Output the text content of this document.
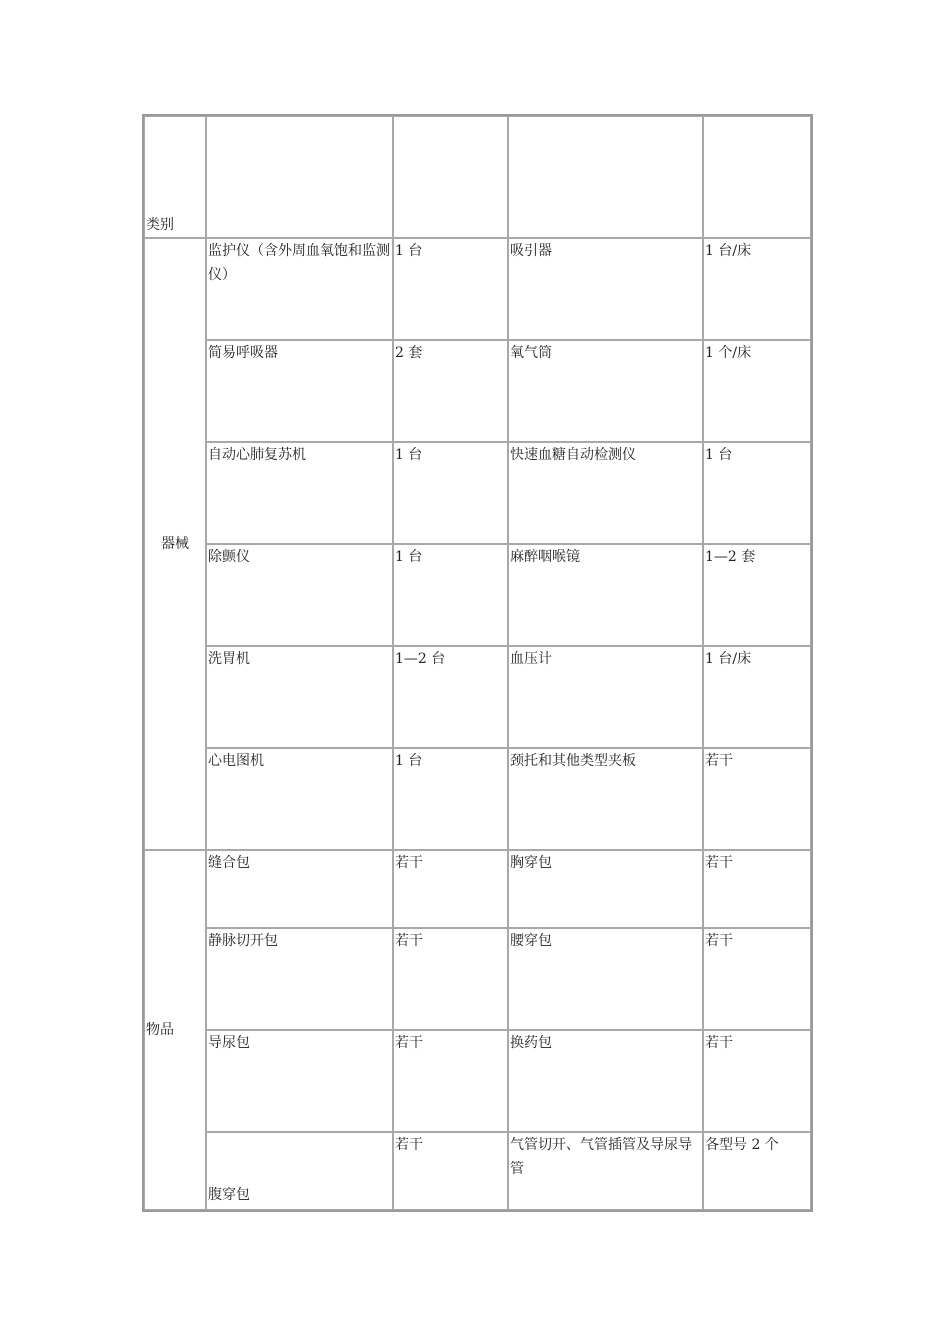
类别				
器械	监护仪（含外周血氧饱和监测仪）	1 台	吸引器	1 台/床
	简易呼吸器	2 套	氧气筒	1 个/床
	自动心肺复苏机	1 台	快速血糖自动检测仪	1 台
	除颤仪	1 台	麻醉咽喉镜	1—2 套
	洗胃机	1—2 台	血压计	1 台/床
	心电图机	1 台	颈托和其他类型夹板	若干
物品	缝合包	若干	胸穿包	若干
	静脉切开包	若干	腰穿包	若干
	导尿包	若干	换药包	若干
	腹穿包	若干	气管切开、气管插管及导尿导管	各型号 2 个
